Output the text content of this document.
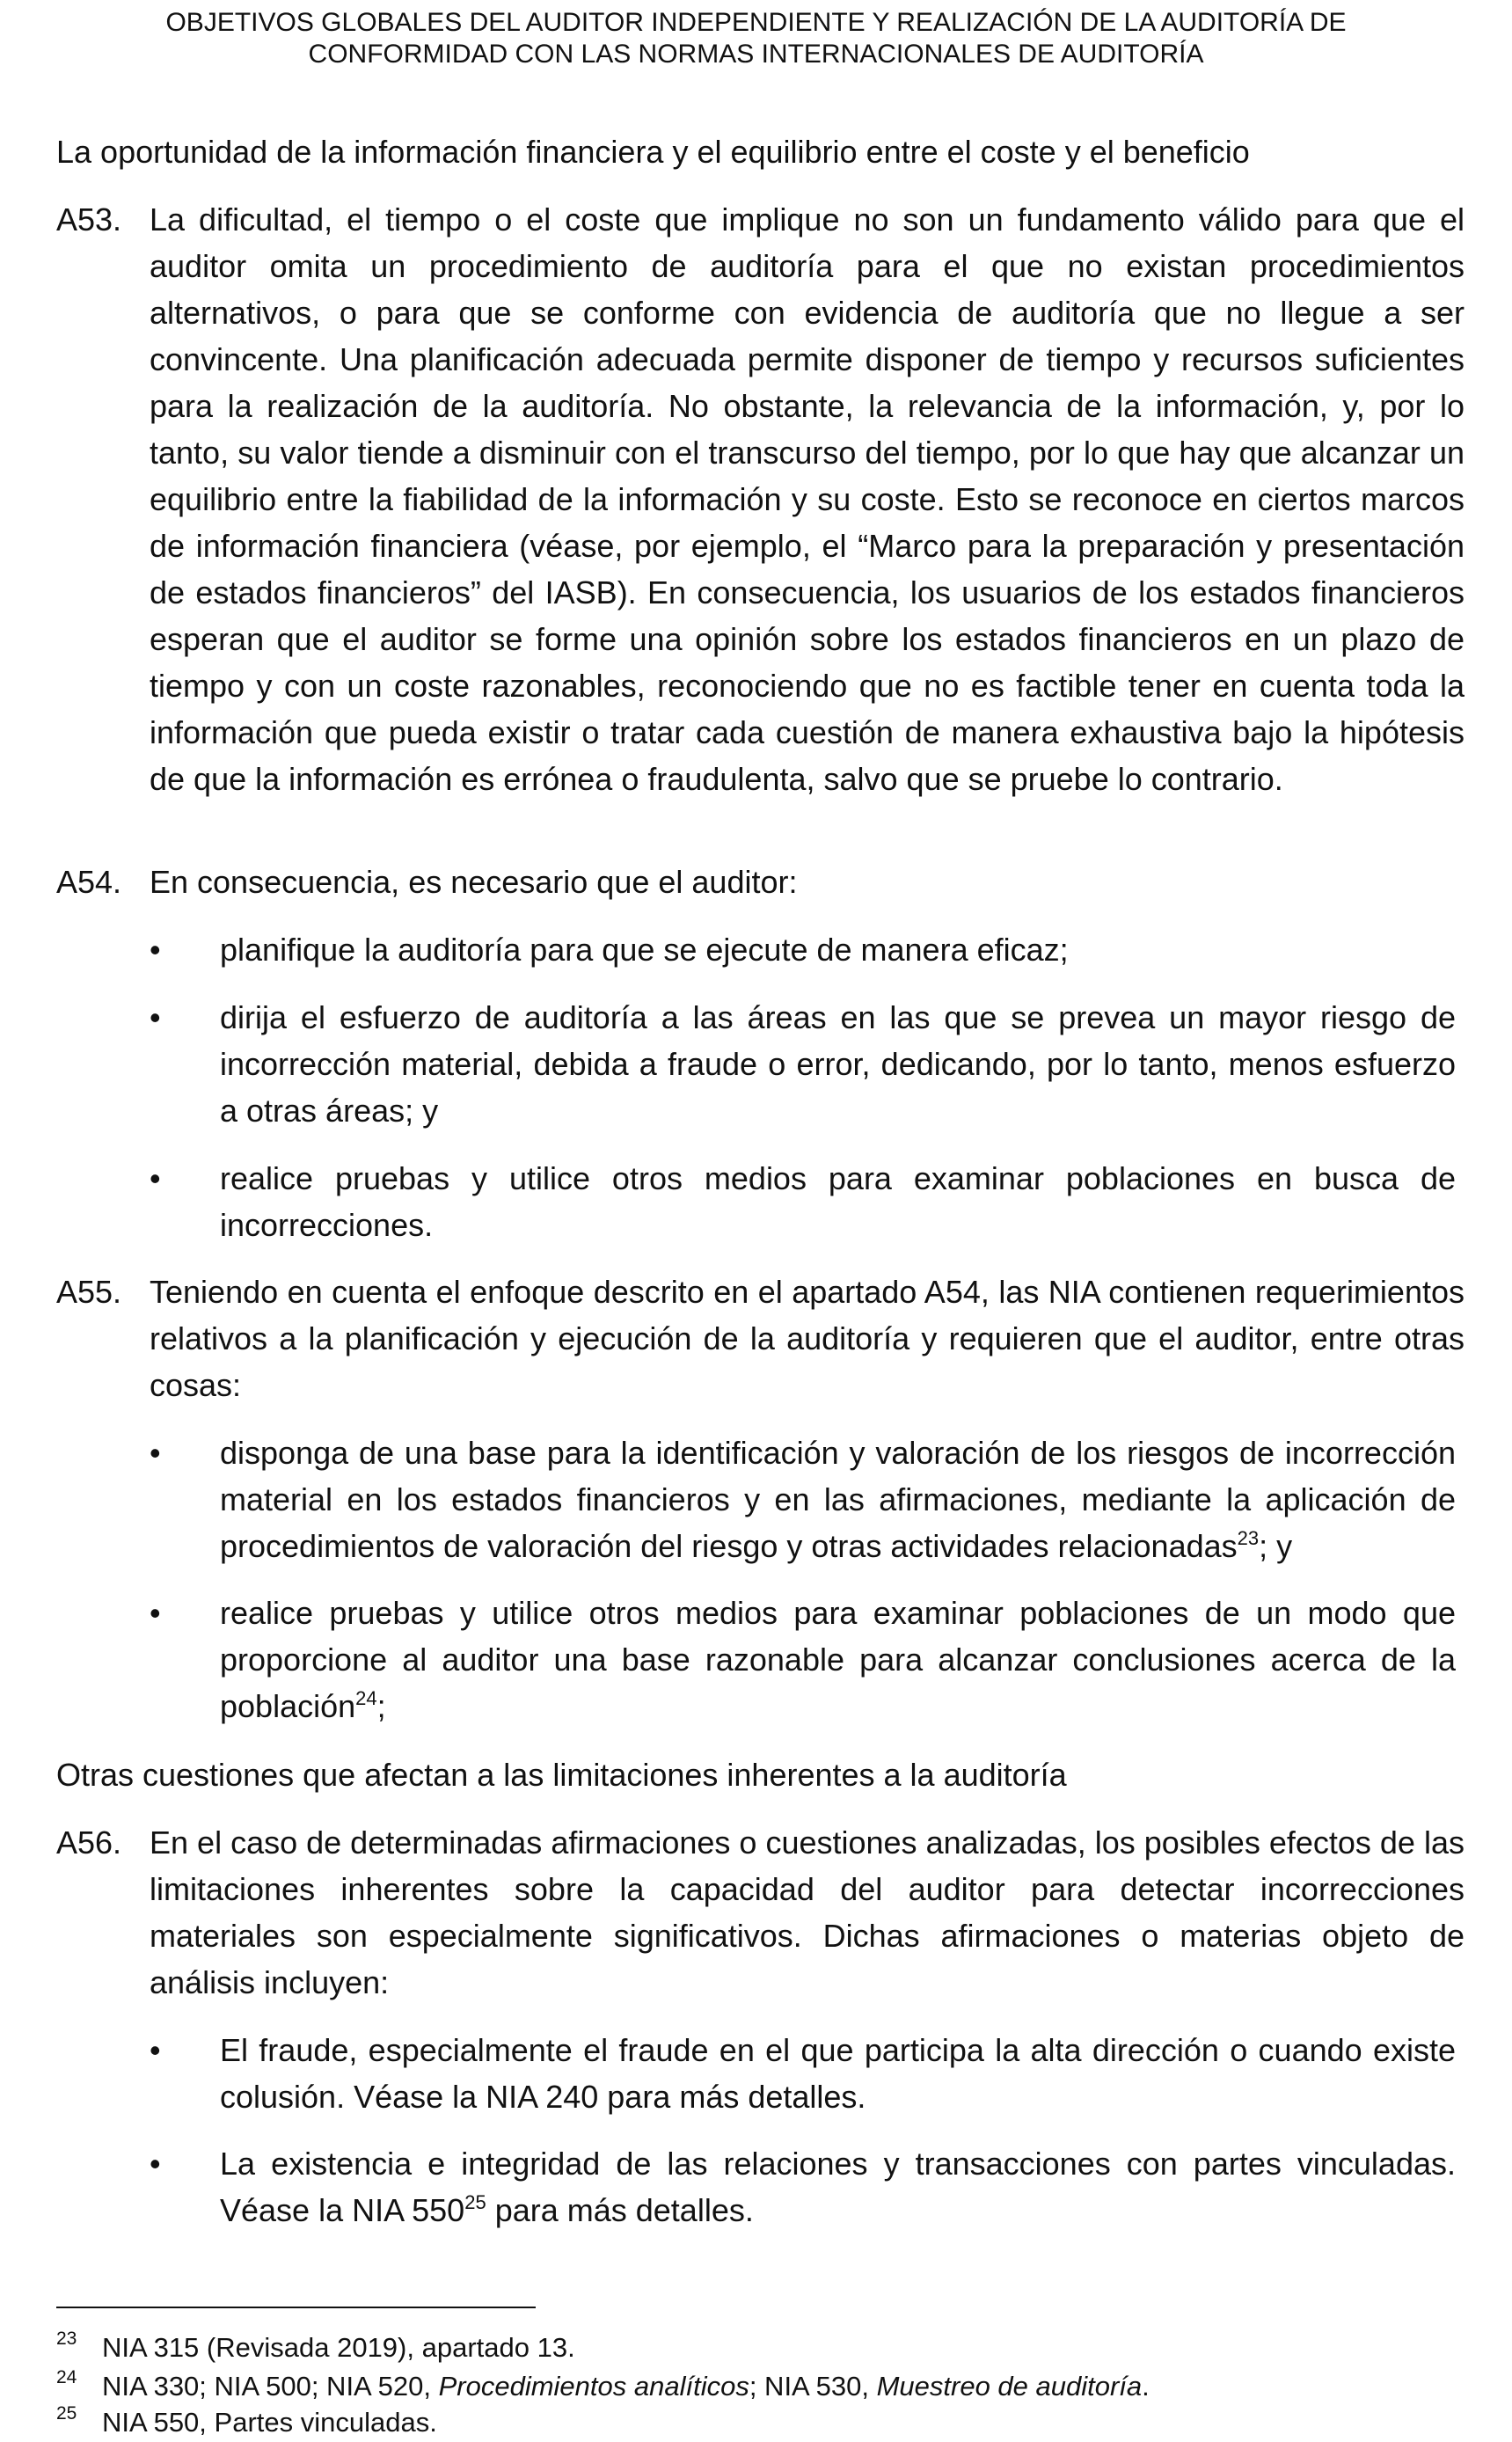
OBJETIVOS GLOBALES DEL AUDITOR INDEPENDIENTE Y REALIZACIÓN DE LA AUDITORÍA DE
CONFORMIDAD CON LAS NORMAS INTERNACIONALES DE AUDITORÍA
La oportunidad de la información financiera y el equilibrio entre el coste y el beneficio
A53. La dificultad, el tiempo o el coste que implique no son un fundamento válido para que el auditor omita un procedimiento de auditoría para el que no existan procedimientos alternativos, o para que se conforme con evidencia de auditoría que no llegue a ser convincente. Una planificación adecuada permite disponer de tiempo y recursos suficientes para la realización de la auditoría. No obstante, la relevancia de la información, y, por lo tanto, su valor tiende a disminuir con el transcurso del tiempo, por lo que hay que alcanzar un equilibrio entre la fiabilidad de la información y su coste. Esto se reconoce en ciertos marcos de información financiera (véase, por ejemplo, el “Marco para la preparación y presentación de estados financieros” del IASB). En consecuencia, los usuarios de los estados financieros esperan que el auditor se forme una opinión sobre los estados financieros en un plazo de tiempo y con un coste razonables, reconociendo que no es factible tener en cuenta toda la información que pueda existir o tratar cada cuestión de manera exhaustiva bajo la hipótesis de que la información es errónea o fraudulenta, salvo que se pruebe lo contrario.
A54. En consecuencia, es necesario que el auditor:
•	planifique la auditoría para que se ejecute de manera eficaz;
•	dirija el esfuerzo de auditoría a las áreas en las que se prevea un mayor riesgo de incorrección material, debida a fraude o error, dedicando, por lo tanto, menos esfuerzo a otras áreas; y
•	realice pruebas y utilice otros medios para examinar poblaciones en busca de incorrecciones.
A55. Teniendo en cuenta el enfoque descrito en el apartado A54, las NIA contienen requerimientos relativos a la planificación y ejecución de la auditoría y requieren que el auditor, entre otras cosas:
•	disponga de una base para la identificación y valoración de los riesgos de incorrección material en los estados financieros y en las afirmaciones, mediante la aplicación de procedimientos de valoración del riesgo y otras actividades relacionadas$^{23}$; y
•	realice pruebas y utilice otros medios para examinar poblaciones de un modo que proporcione al auditor una base razonable para alcanzar conclusiones acerca de la población$^{24}$;
Otras cuestiones que afectan a las limitaciones inherentes a la auditoría
A56. En el caso de determinadas afirmaciones o cuestiones analizadas, los posibles efectos de las limitaciones inherentes sobre la capacidad del auditor para detectar incorrecciones materiales son especialmente significativos. Dichas afirmaciones o materias objeto de análisis incluyen:
•	El fraude, especialmente el fraude en el que participa la alta dirección o cuando existe colusión. Véase la NIA 240 para más detalles.
•	La existencia e integridad de las relaciones y transacciones con partes vinculadas. Véase la NIA $550^{25}$ para más detalles.
23 NIA 315 (Revisada 2019), apartado 13.
24 NIA 330; NIA 500; NIA 520, Procedimientos analíticos; NIA 530, Muestreo de auditoría.
25 NIA 550, Partes vinculadas.
